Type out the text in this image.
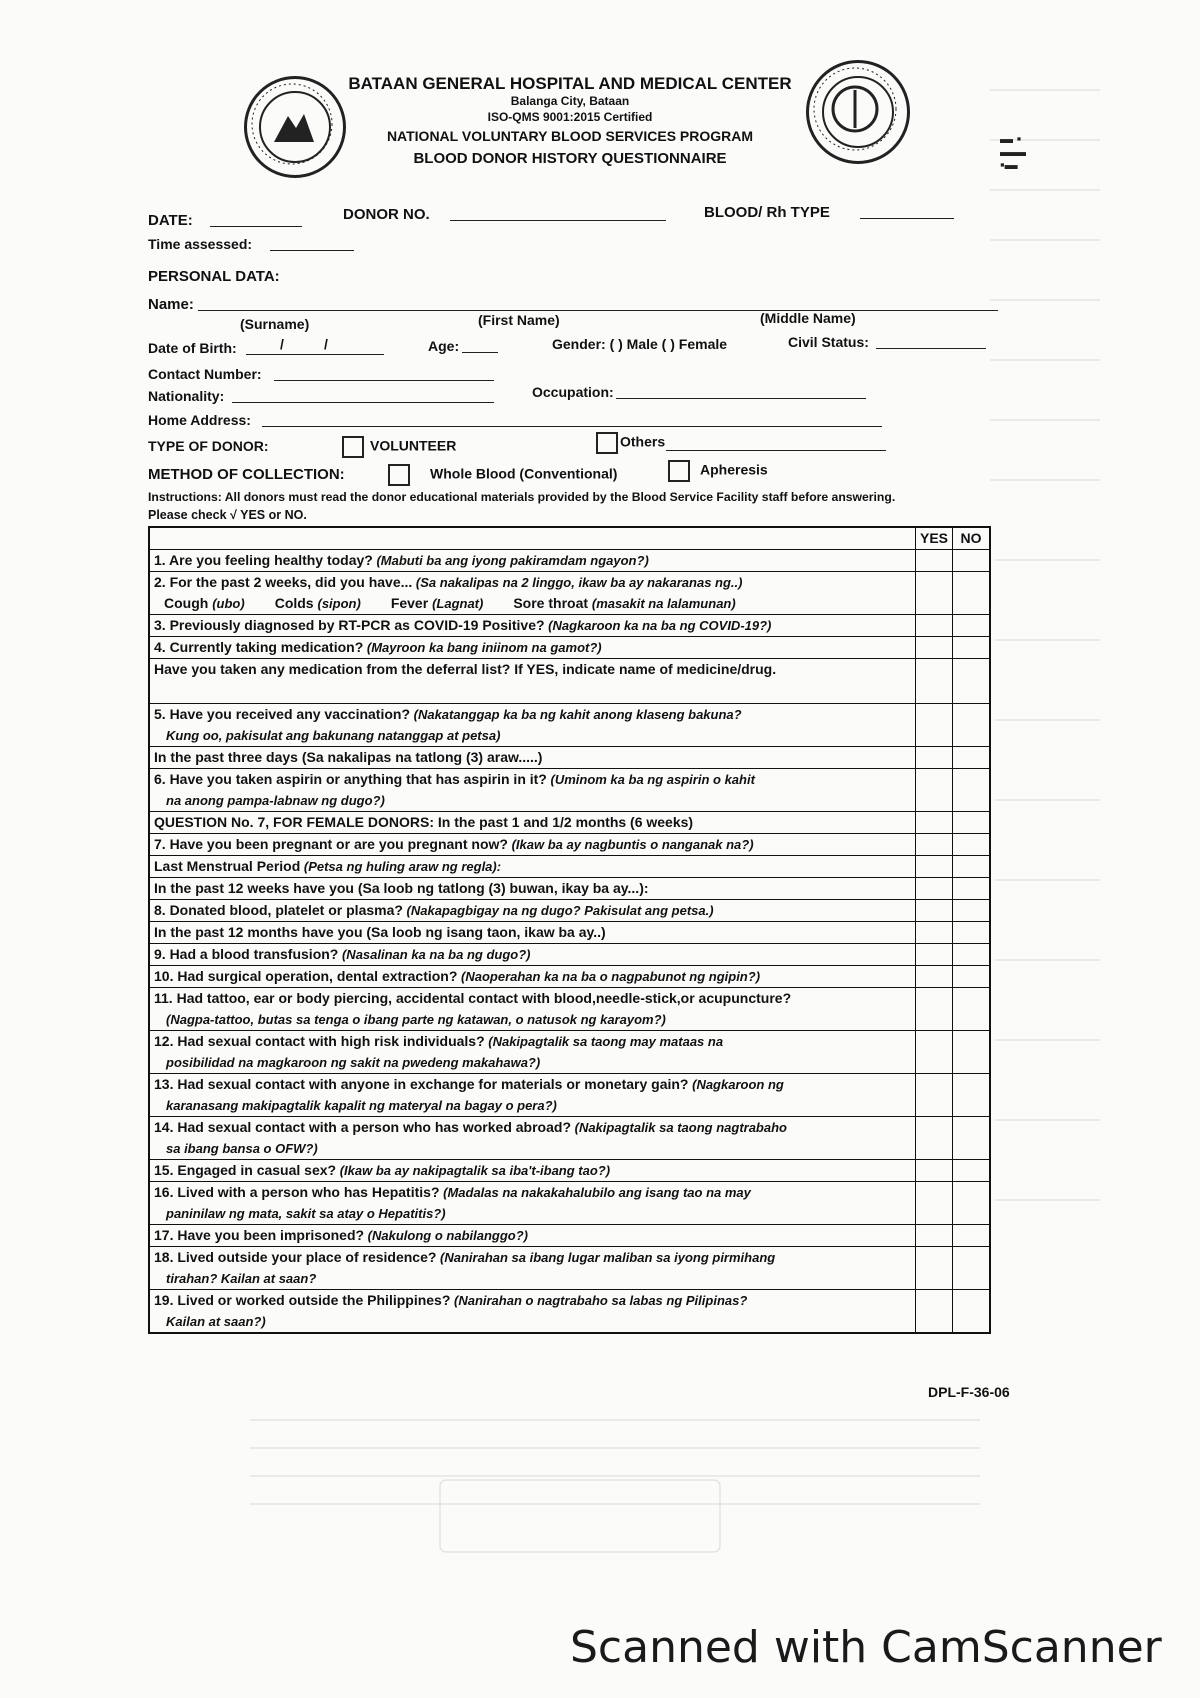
▬ ▪
▬▬
▪▬
BATAAN GENERAL HOSPITAL AND MEDICAL CENTER
Balanga City, Bataan
ISO-QMS 9001:2015 Certified
NATIONAL VOLUNTARY BLOOD SERVICES PROGRAM
BLOOD DONOR HISTORY QUESTIONNAIRE
DATE:	DONOR NO.	BLOOD/ Rh TYPE
Time assessed:
PERSONAL DATA:
Name:
(Surname)	(First Name)	(Middle Name)
Date of Birth:	/	/	Age:	Gender: ( ) Male ( ) Female	Civil Status:
Contact Number:
Nationality:	Occupation:
Home Address:
TYPE OF DONOR:	VOLUNTEER	Others
METHOD OF COLLECTION:	Whole Blood (Conventional)	Apheresis
Instructions: All donors must read the donor educational materials provided by the Blood Service Facility staff before answering.
Please check √ YES or NO.
	YES	NO
1. Are you feeling healthy today? (Mabuti ba ang iyong pakiramdam ngayon?)		
2. For the past 2 weeks, did you have... (Sa nakalipas na 2 linggo, ikaw ba ay nakaranas ng..)
Cough (ubo) Colds (sipon) Fever (Lagnat) Sore throat (masakit na lalamunan)		
3. Previously diagnosed by RT-PCR as COVID-19 Positive? (Nagkaroon ka na ba ng COVID-19?)		
4. Currently taking medication? (Mayroon ka bang iniinom na gamot?)		
Have you taken any medication from the deferral list? If YES, indicate name of medicine/drug.		
5. Have you received any vaccination? (Nakatanggap ka ba ng kahit anong klaseng bakuna?
Kung oo, pakisulat ang bakunang natanggap at petsa)		
In the past three days (Sa nakalipas na tatlong (3) araw.....)		
6. Have you taken aspirin or anything that has aspirin in it? (Uminom ka ba ng aspirin o kahit
na anong pampa-labnaw ng dugo?)		
QUESTION No. 7, FOR FEMALE DONORS: In the past 1 and 1/2 months (6 weeks)		
7. Have you been pregnant or are you pregnant now? (Ikaw ba ay nagbuntis o nanganak na?)		
Last Menstrual Period (Petsa ng huling araw ng regla):		
In the past 12 weeks have you (Sa loob ng tatlong (3) buwan, ikay ba ay...):		
8. Donated blood, platelet or plasma? (Nakapagbigay na ng dugo? Pakisulat ang petsa.)		
In the past 12 months have you (Sa loob ng isang taon, ikaw ba ay..)		
9. Had a blood transfusion? (Nasalinan ka na ba ng dugo?)		
10. Had surgical operation, dental extraction? (Naoperahan ka na ba o nagpabunot ng ngipin?)		
11. Had tattoo, ear or body piercing, accidental contact with blood,needle-stick,or acupuncture?
(Nagpa-tattoo, butas sa tenga o ibang parte ng katawan, o natusok ng karayom?)		
12. Had sexual contact with high risk individuals? (Nakipagtalik sa taong may mataas na
posibilidad na magkaroon ng sakit na pwedeng makahawa?)		
13. Had sexual contact with anyone in exchange for materials or monetary gain? (Nagkaroon ng
karanasang makipagtalik kapalit ng materyal na bagay o pera?)		
14. Had sexual contact with a person who has worked abroad? (Nakipagtalik sa taong nagtrabaho
sa ibang bansa o OFW?)		
15. Engaged in casual sex? (Ikaw ba ay nakipagtalik sa iba't-ibang tao?)		
16. Lived with a person who has Hepatitis? (Madalas na nakakahalubilo ang isang tao na may
paninilaw ng mata, sakit sa atay o Hepatitis?)		
17. Have you been imprisoned? (Nakulong o nabilanggo?)		
18. Lived outside your place of residence? (Nanirahan sa ibang lugar maliban sa iyong pirmihang
tirahan? Kailan at saan?		
19. Lived or worked outside the Philippines? (Nanirahan o nagtrabaho sa labas ng Pilipinas?
Kailan at saan?)		
DPL-F-36-06
Scanned with CamScanner
